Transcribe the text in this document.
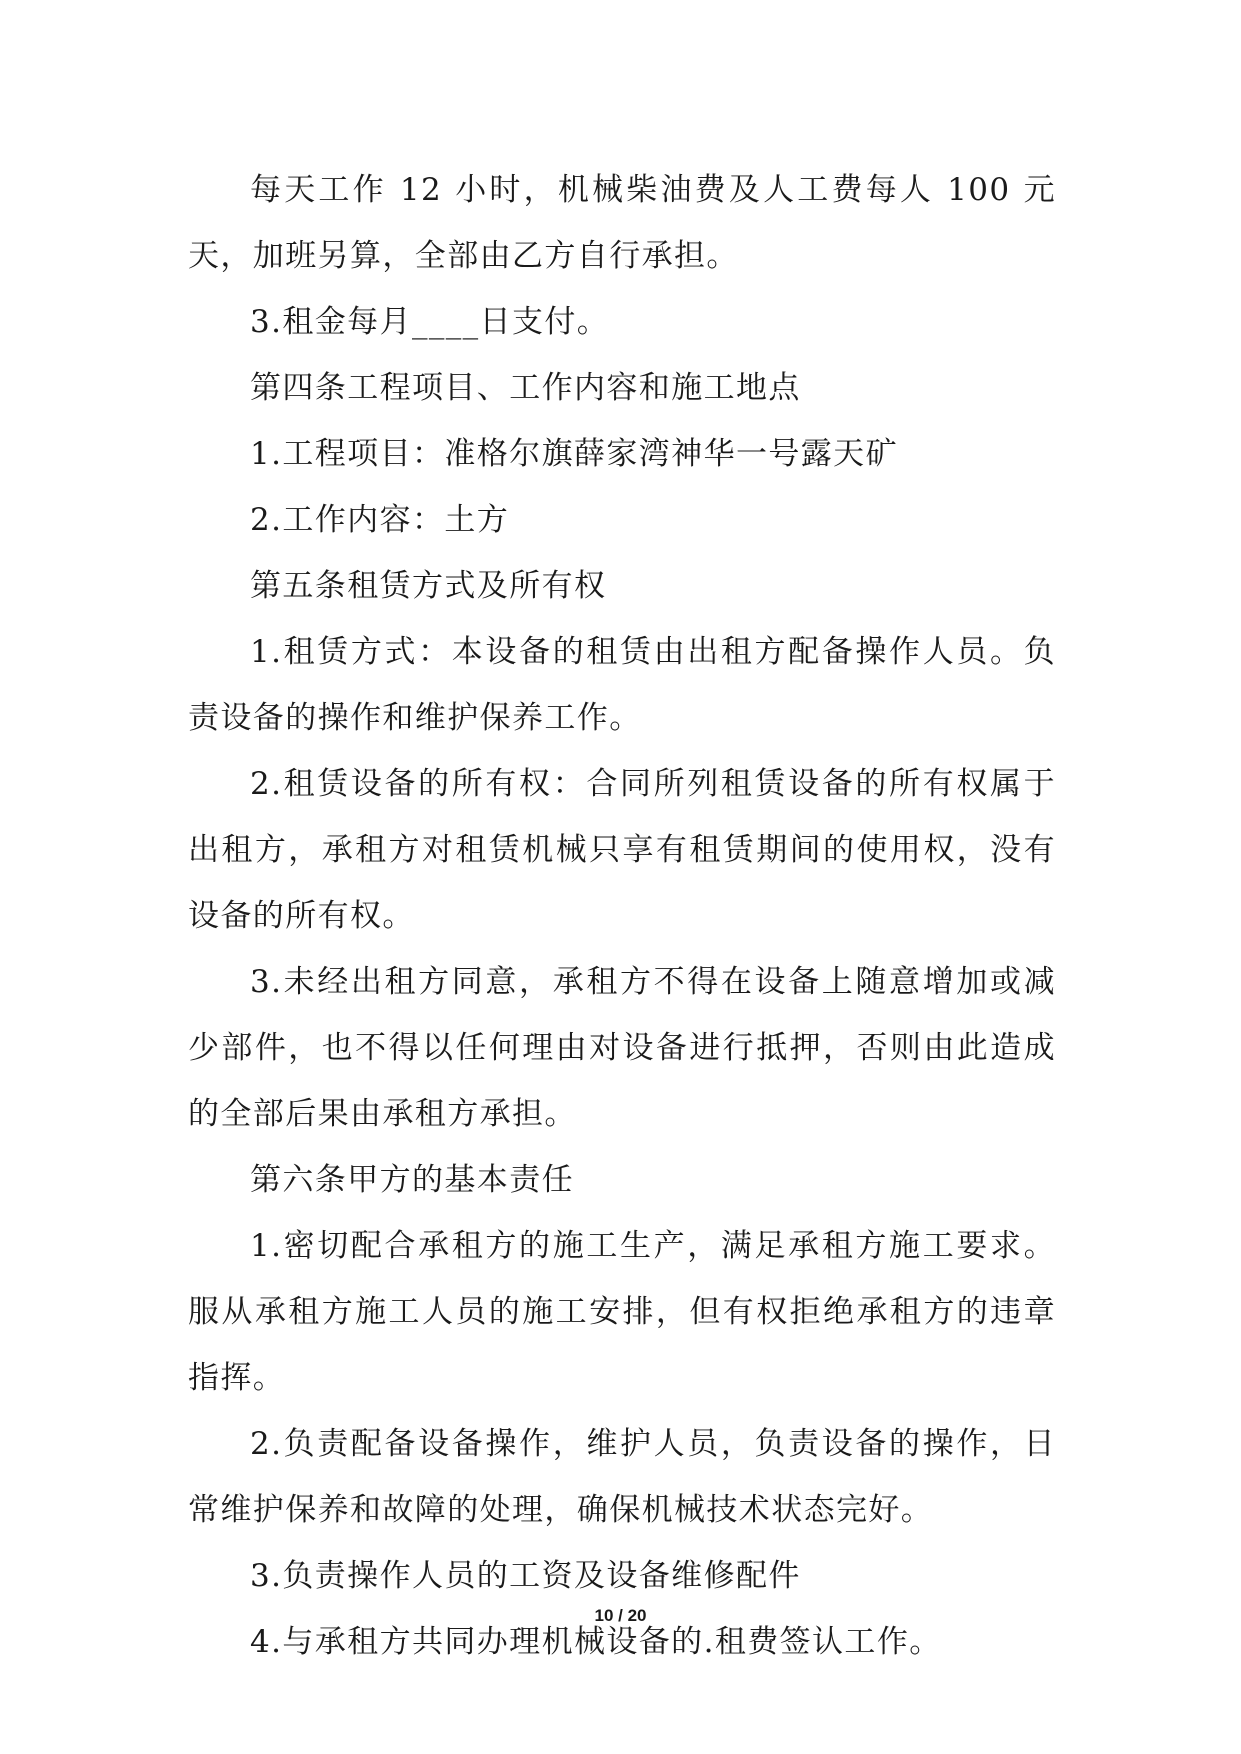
每天工作 12 小时，机械柴油费及人工费每人 100 元天，加班另算，全部由乙方自行承担。

3.租金每月____日支付。

第四条工程项目、工作内容和施工地点

1.工程项目：准格尔旗薛家湾神华一号露天矿

2.工作内容：土方

第五条租赁方式及所有权

1.租赁方式：本设备的租赁由出租方配备操作人员。负责设备的操作和维护保养工作。

2.租赁设备的所有权：合同所列租赁设备的所有权属于出租方，承租方对租赁机械只享有租赁期间的使用权，没有设备的所有权。

3.未经出租方同意，承租方不得在设备上随意增加或减少部件，也不得以任何理由对设备进行抵押，否则由此造成的全部后果由承租方承担。

第六条甲方的基本责任

1.密切配合承租方的施工生产，满足承租方施工要求。服从承租方施工人员的施工安排，但有权拒绝承租方的违章指挥。

2.负责配备设备操作，维护人员，负责设备的操作，日常维护保养和故障的处理，确保机械技术状态完好。

3.负责操作人员的工资及设备维修配件

4.与承租方共同办理机械设备的.租费签认工作。

10 / 20
